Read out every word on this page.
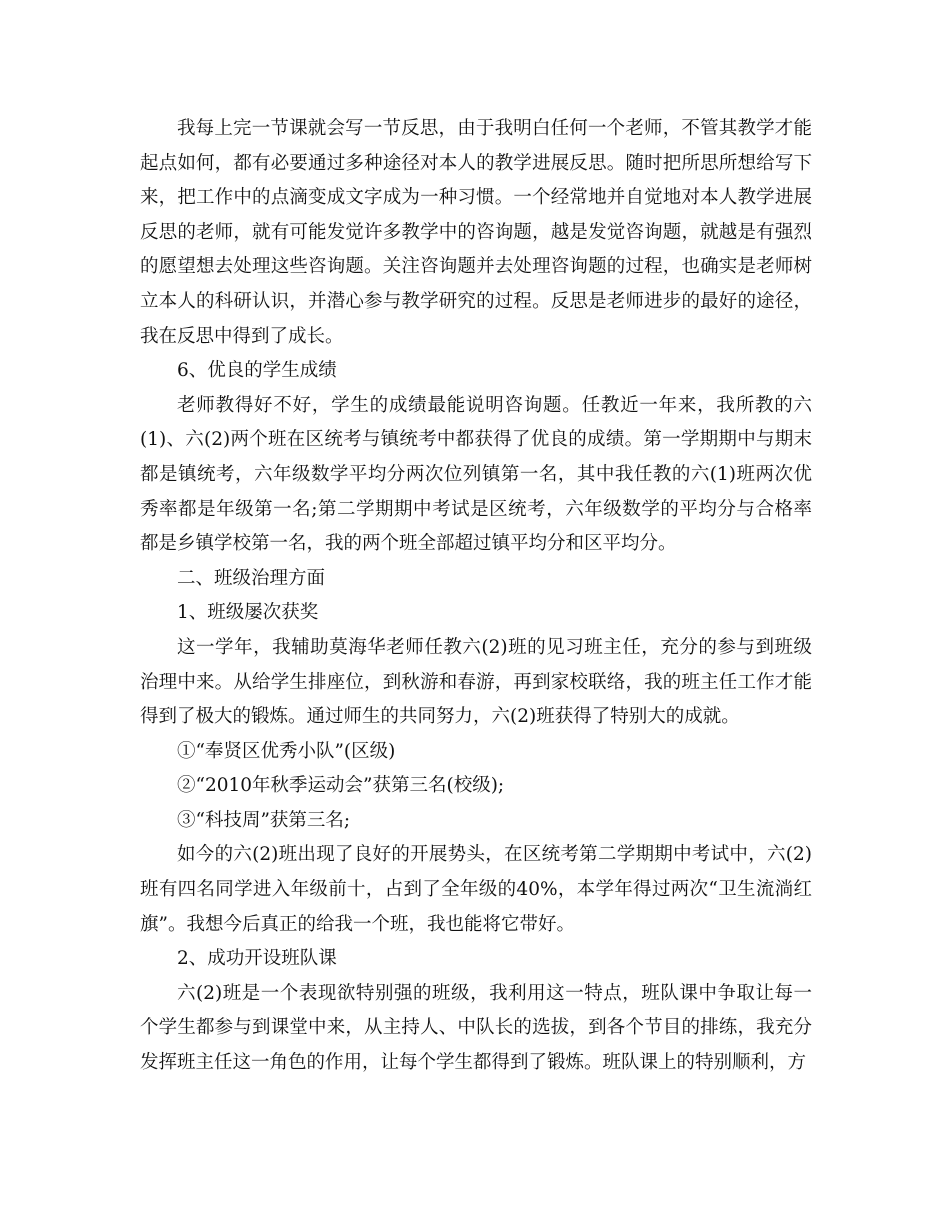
我每上完一节课就会写一节反思，由于我明白任何一个老师，不管其教学才能起点如何，都有必要通过多种途径对本人的教学进展反思。随时把所思所想给写下来，把工作中的点滴变成文字成为一种习惯。一个经常地并自觉地对本人教学进展反思的老师，就有可能发觉许多教学中的咨询题，越是发觉咨询题，就越是有强烈的愿望想去处理这些咨询题。关注咨询题并去处理咨询题的过程，也确实是老师树立本人的科研认识，并潜心参与教学研究的过程。反思是老师进步的最好的途径，我在反思中得到了成长。

6、优良的学生成绩

老师教得好不好，学生的成绩最能说明咨询题。任教近一年来，我所教的六(1)、六(2)两个班在区统考与镇统考中都获得了优良的成绩。第一学期期中与期末都是镇统考，六年级数学平均分两次位列镇第一名，其中我任教的六(1)班两次优秀率都是年级第一名;第二学期期中考试是区统考，六年级数学的平均分与合格率都是乡镇学校第一名，我的两个班全部超过镇平均分和区平均分。

二、班级治理方面

1、班级屡次获奖

这一学年，我辅助莫海华老师任教六(2)班的见习班主任，充分的参与到班级治理中来。从给学生排座位，到秋游和春游，再到家校联络，我的班主任工作才能得到了极大的锻炼。通过师生的共同努力，六(2)班获得了特别大的成就。

①“奉贤区优秀小队”(区级)

②“2010年秋季运动会”获第三名(校级);

③“科技周”获第三名;

如今的六(2)班出现了良好的开展势头，在区统考第二学期期中考试中，六(2)班有四名同学进入年级前十，占到了全年级的40%，本学年得过两次“卫生流淌红旗”。我想今后真正的给我一个班，我也能将它带好。

2、成功开设班队课

六(2)班是一个表现欲特别强的班级，我利用这一特点，班队课中争取让每一个学生都参与到课堂中来，从主持人、中队长的选拔，到各个节目的排练，我充分发挥班主任这一角色的作用，让每个学生都得到了锻炼。班队课上的特别顺利，方
